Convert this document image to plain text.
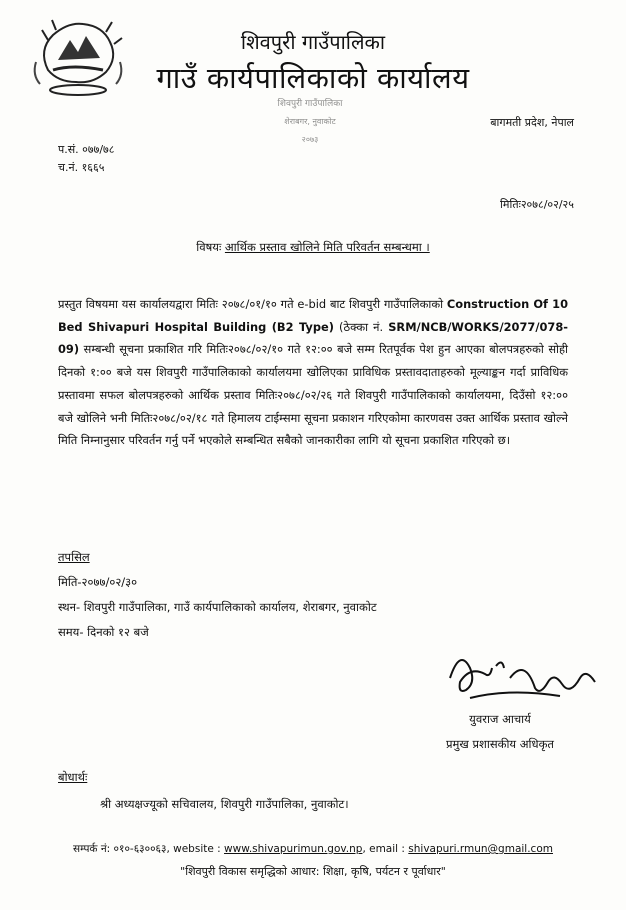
शिवपुरी गाउँपालिका
गाउँ कार्यपालिकाको कार्यालय
शिवपुरी गाउँपालिका
शेराबगर, नुवाकोट
२०७३
बागमती प्रदेश, नेपाल
प.सं. ०७७/७८
च.नं. १६६५
मितिः२०७८/०२/२५
विषयः आर्थिक प्रस्ताव खोलिने मिति परिवर्तन सम्बन्धमा ।
प्रस्तुत विषयमा यस कार्यालयद्वारा मितिः २०७८/०१/१० गते e-bid बाट शिवपुरी गाउँपालिकाको Construction Of 10 Bed Shivapuri Hospital Building (B2 Type) (ठेक्का नं. SRM/NCB/WORKS/2077/078-09) सम्बन्धी सूचना प्रकाशित गरि मितिः२०७८/०२/१० गते १२:०० बजे सम्म रितपूर्वक पेश हुन आएका बोलपत्रहरुको सोही दिनको १:०० बजे यस शिवपुरी गाउँपालिकाको कार्यालयमा खोलिएका प्राविधिक प्रस्तावदाताहरुको मूल्याङ्कन गर्दा प्राविधिक प्रस्तावमा सफल बोलपत्रहरुको आर्थिक प्रस्ताव मितिः२०७८/०२/२६ गते शिवपुरी गाउँपालिकाको कार्यालयमा, दिउँसो १२:०० बजे खोलिने भनी मितिः२०७८/०२/१८ गते हिमालय टाईम्समा सूचना प्रकाशन गरिएकोमा कारणवस उक्त आर्थिक प्रस्ताव खोल्ने मिति निम्नानुसार परिवर्तन गर्नु पर्ने भएकोले सम्बन्धित सबैको जानकारीका लागि यो सूचना प्रकाशित गरिएको छ।
तपसिल
मिति-२०७७/०२/३०
स्थन- शिवपुरी गाउँपालिका, गाउँ कार्यपालिकाको कार्यालय, शेराबगर, नुवाकोट
समय- दिनको १२ बजे
युवराज आचार्य
प्रमुख प्रशासकीय अधिकृत
बोधार्थः
श्री अध्यक्षज्यूको सचिवालय, शिवपुरी गाउँपालिका, नुवाकोट।
सम्पर्क नं: ०१०-६३००६३, website : www.shivapurimun.gov.np, email : shivapuri.rmun@gmail.com
"शिवपुरी विकास समृद्धिको आधार: शिक्षा, कृषि, पर्यटन र पूर्वाधार"
